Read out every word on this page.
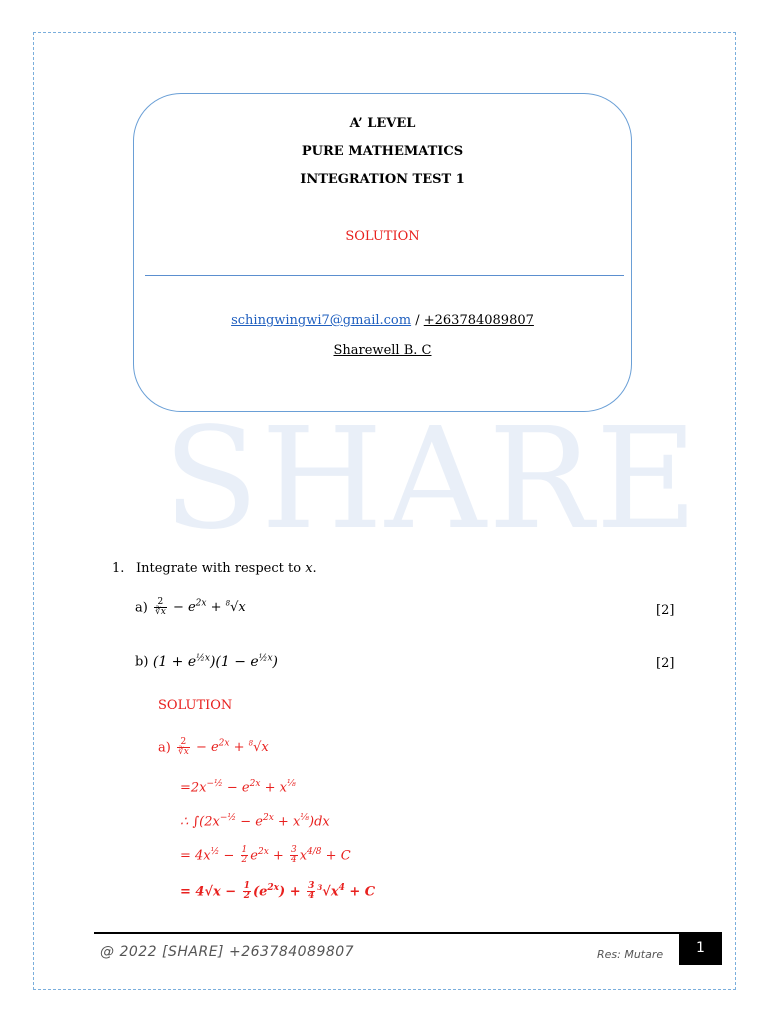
SHARE
A’ LEVEL
PURE MATHEMATICS
INTEGRATION TEST 1
SOLUTION
schingwingwi7@gmail.com / +263784089807
Sharewell B. C
1. Integrate with respect to x.
$a) \frac{2}{∛x} - e^{2x} + ^8√x$	[2]
b) $(1 + e^{\frac{1}{2}x})(1 - e^{\frac{1}{2}x})$	[2]
SOLUTION
$a) \frac{2}{∛x} - e^{2x} + ^8√x$
$=2x^{-\frac{1}{2}} - e^{2x} + x^{\frac{1}{8}}$
∴ $\int(2x^{-\frac{1}{2}} - e^{2x} + x^{\frac{1}{8}})dx$
= $4x^{\frac{1}{2}} - \frac{1}{2} e^{2x} + \frac{3}{4} x^{4/8} + C$
= $4√x - \frac{1}{2} (e^{2x}) + \frac{3}{4} ^3√x^4 + C$
@ 2022 [SHARE] +263784089807	Res: Mutare	1
